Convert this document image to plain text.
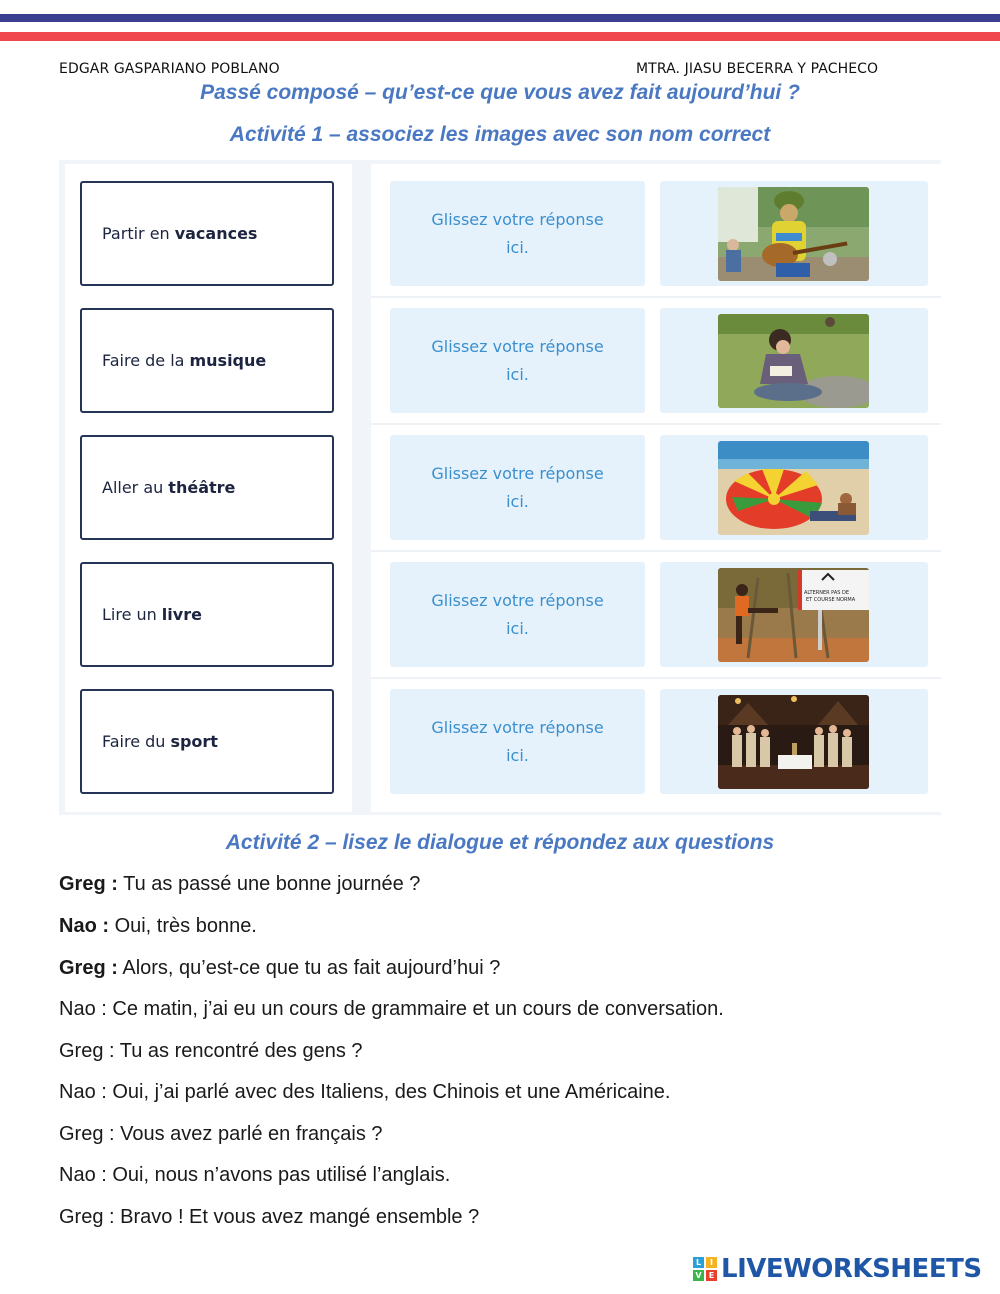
EDGAR GASPARIANO POBLANO	MTRA. JIASU BECERRA Y PACHECO
Passé composé – qu’est-ce que vous avez fait aujourd’hui ?
Activité 1 – associez les images avec son nom correct
Partir en vacances
Faire de la musique
Aller au théâtre
Lire un livre
Faire du sport
Glissez votre réponse ici.
Glissez votre réponse ici.
Glissez votre réponse ici.
Glissez votre réponse ici.
ALTERNER PAS DE
ET COURSE NORMA
Glissez votre réponse ici.
Activité 2 – lisez le dialogue et répondez aux questions
Greg : Tu as passé une bonne journée ?
Nao : Oui, très bonne.
Greg : Alors, qu’est-ce que tu as fait aujourd’hui ?
Nao : Ce matin, j’ai eu un cours de grammaire et un cours de conversation.
Greg : Tu as rencontré des gens ?
Nao : Oui, j’ai parlé avec des Italiens, des Chinois et une Américaine.
Greg : Vous avez parlé en français ?
Nao : Oui, nous n’avons pas utilisé l’anglais.
Greg : Bravo ! Et vous avez mangé ensemble ?
L	I
V E LIVEWORKSHEETS
